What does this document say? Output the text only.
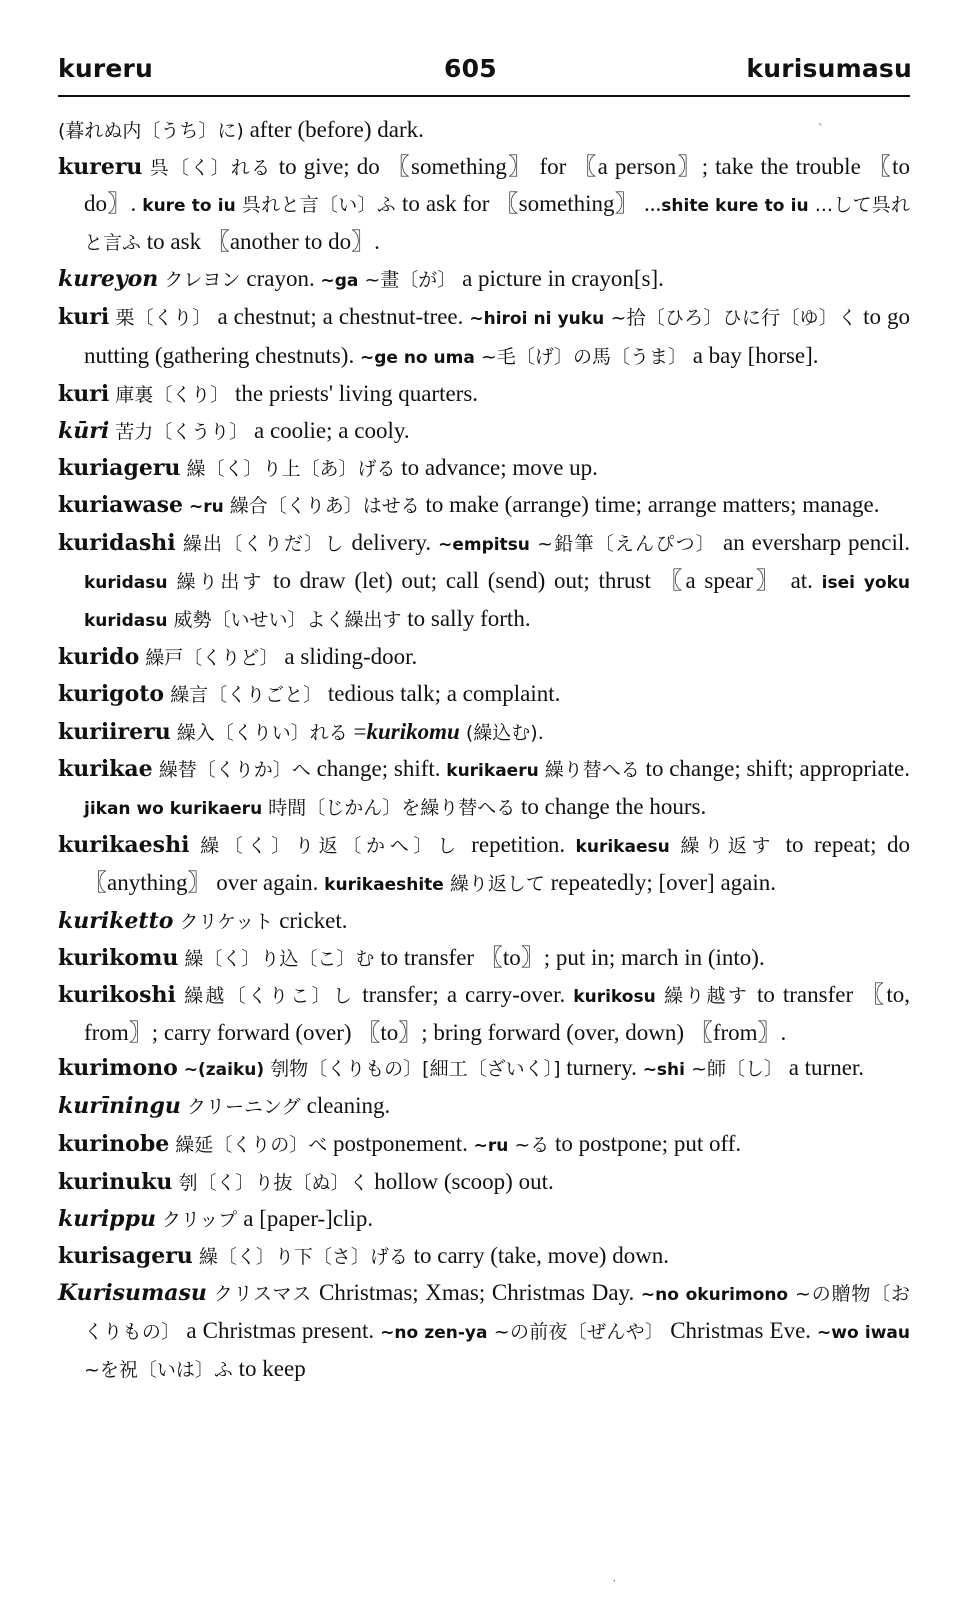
kureru	605	kurisumasu
`

(暮れぬ内〔うち〕に) after (before) dark.

kureru 呉〔く〕れる to give; do 〖something〗 for 〖a person〗; take the trouble 〖to do〗. kure to iu 呉れと言〔い〕ふ to ask for 〖something〗 ...shite kure to iu ...して呉れと言ふ to ask 〖another to do〗.

kureyon クレヨン crayon. ~ga ~畫〔が〕 a picture in crayon[s].

kuri 栗〔くり〕 a chestnut; a chestnut-tree. ~hiroi ni yuku ~拾〔ひろ〕ひに行〔ゆ〕く to go nutting (gathering chestnuts). ~ge no uma ~毛〔げ〕の馬〔うま〕 a bay [horse].

kuri 庫裏〔くり〕 the priests' living quarters.

kūri 苦力〔くうり〕 a coolie; a cooly.

kuriageru 繰〔く〕り上〔あ〕げる to advance; move up.

kuriawase ~ru 繰合〔くりあ〕はせる to make (arrange) time; arrange matters; manage.

kuridashi 繰出〔くりだ〕し delivery. ~empitsu ~鉛筆〔えんぴつ〕 an eversharp pencil. kuridasu 繰り出す to draw (let) out; call (send) out; thrust 〖a spear〗 at. isei yoku kuridasu 威勢〔いせい〕よく繰出す to sally forth.

kurido 繰戸〔くりど〕 a sliding-door.

kurigoto 繰言〔くりごと〕 tedious talk; a complaint.

kuriireru 繰入〔くりい〕れる =kurikomu (繰込む).

kurikae 繰替〔くりか〕へ change; shift. kurikaeru 繰り替へる to change; shift; appropriate. jikan wo kurikaeru 時間〔じかん〕を繰り替へる to change the hours.

kurikaeshi 繰〔く〕り返〔かへ〕し repetition. kurikaesu 繰り返す to repeat; do 〖anything〗 over again. kurikaeshite 繰り返して repeatedly; [over] again.

kuriketto クリケット cricket.

kurikomu 繰〔く〕り込〔こ〕む to transfer 〖to〗; put in; march in (into).

kurikoshi 繰越〔くりこ〕し transfer; a carry-over. kurikosu 繰り越す to transfer 〖to, from〗; carry forward (over) 〖to〗; bring forward (over, down) 〖from〗.

kurimono ~(zaiku) 刳物〔くりもの〕[細工〔ざいく〕] turnery. ~shi ~師〔し〕 a turner.

kurīningu クリーニング cleaning.

kurinobe 繰延〔くりの〕べ postponement. ~ru ~る to postpone; put off.

kurinuku 刳〔く〕り抜〔ぬ〕く hollow (scoop) out.

kurippu クリップ a [paper-]clip.

kurisageru 繰〔く〕り下〔さ〕げる to carry (take, move) down.

Kurisumasu クリスマス Christmas; Xmas; Christmas Day. ~no okurimono ~の贈物〔おくりもの〕 a Christmas present. ~no zen-ya ~の前夜〔ぜんや〕 Christmas Eve. ~wo iwau ~を祝〔いは〕ふ to keep

˙
